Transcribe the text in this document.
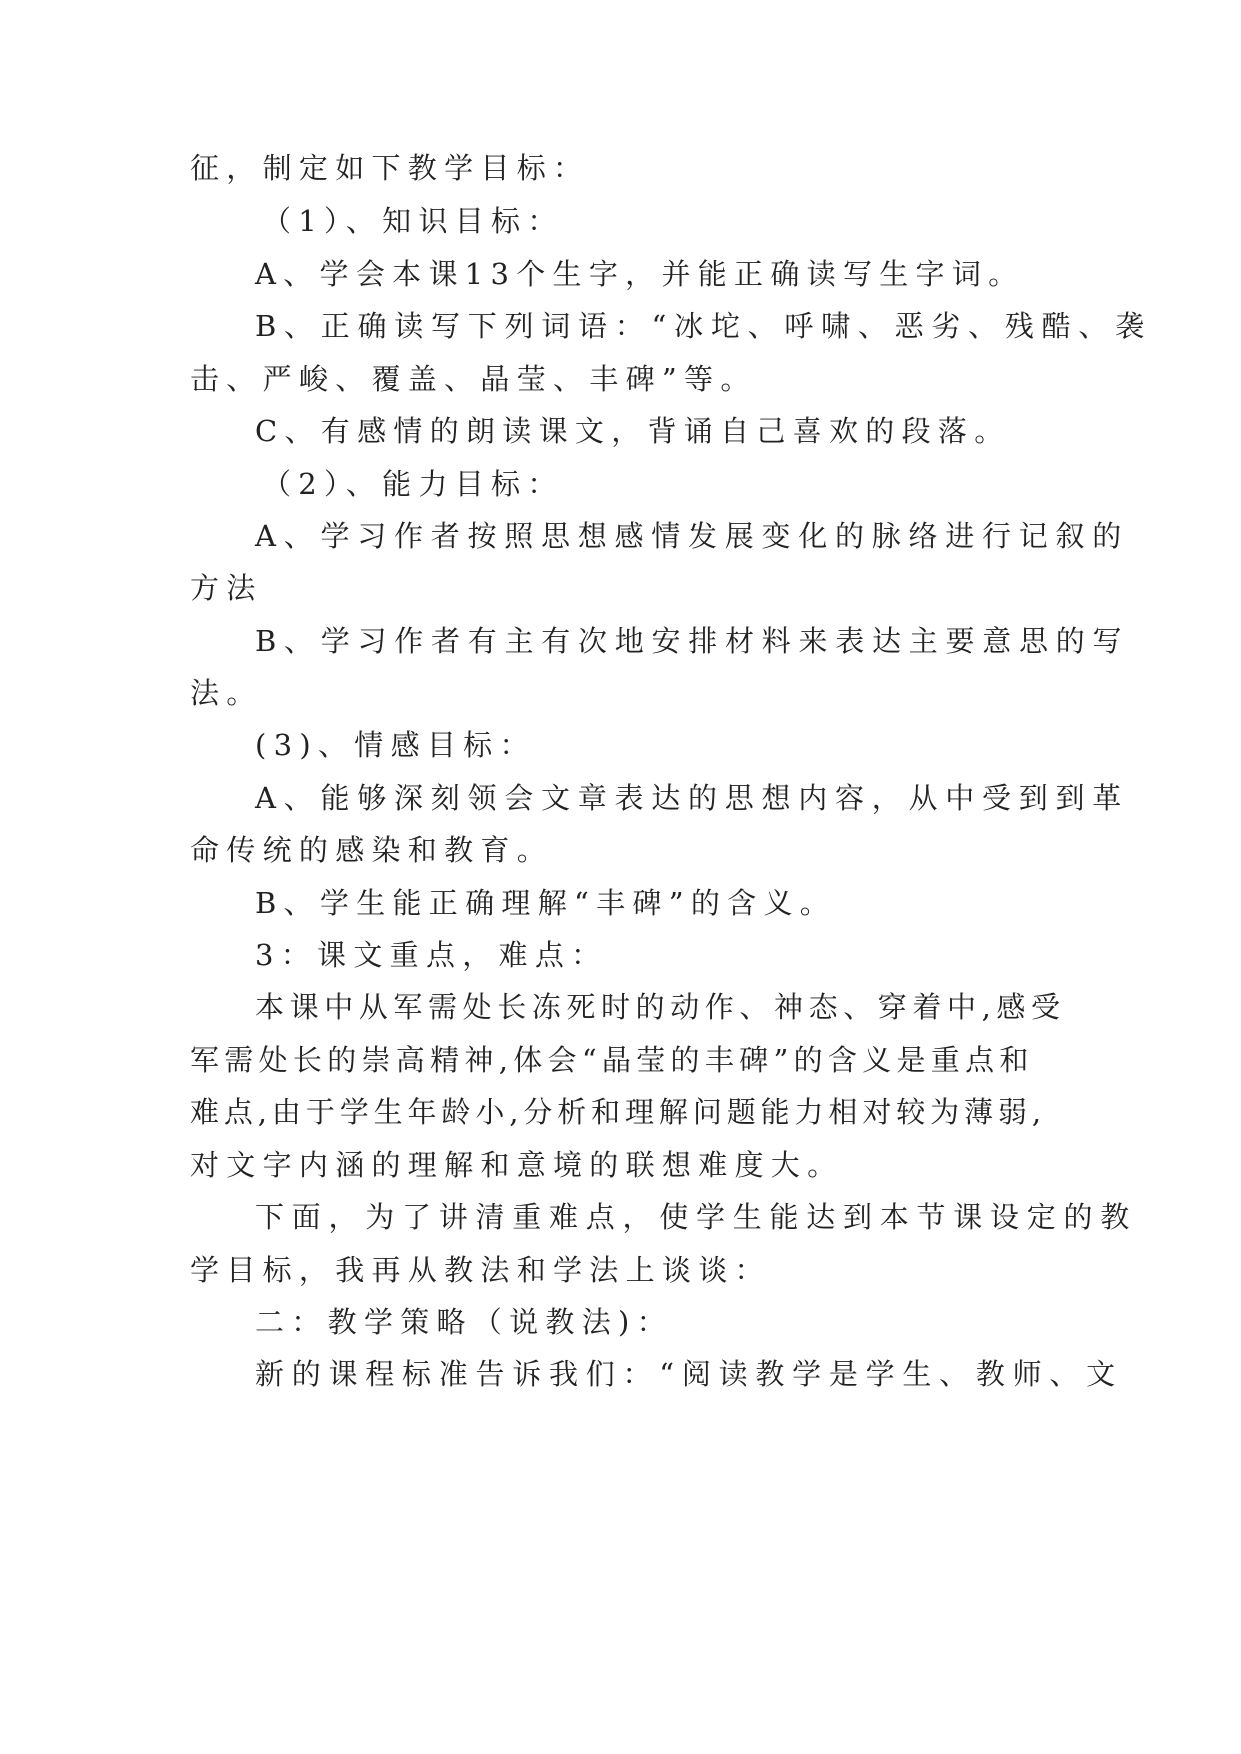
征，制定如下教学目标：
（1）、知识目标：
A、学会本课13个生字，并能正确读写生字词。
B、正确读写下列词语：“冰坨、呼啸、恶劣、残酷、袭
击、严峻、覆盖、晶莹、丰碑”等。
C、有感情的朗读课文，背诵自己喜欢的段落。
（2）、能力目标：
A、学习作者按照思想感情发展变化的脉络进行记叙的
方法
B、学习作者有主有次地安排材料来表达主要意思的写
法。
(3)、情感目标：
A、能够深刻领会文章表达的思想内容，从中受到到革
命传统的感染和教育。
B、学生能正确理解“丰碑”的含义。
3：课文重点，难点：
本课中从军需处长冻死时的动作、神态、穿着中,感受
军需处长的崇高精神,体会“晶莹的丰碑”的含义是重点和
难点,由于学生年龄小,分析和理解问题能力相对较为薄弱,
对文字内涵的理解和意境的联想难度大。
下面，为了讲清重难点，使学生能达到本节课设定的教
学目标，我再从教法和学法上谈谈：
二：教学策略（说教法)：
新的课程标准告诉我们：“阅读教学是学生、教师、文
